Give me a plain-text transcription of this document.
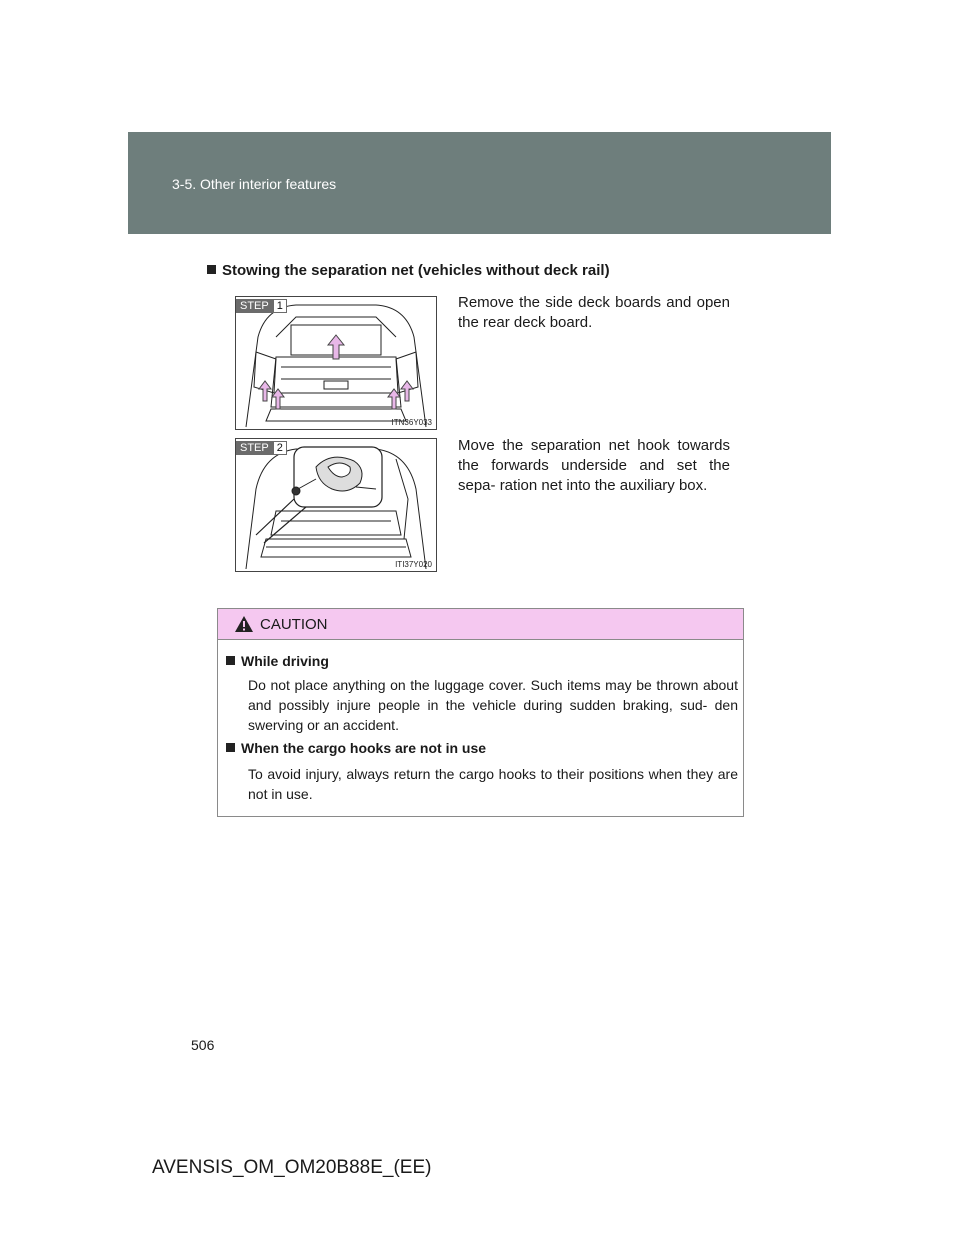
3-5. Other interior features
Stowing the separation net (vehicles without deck rail)
STEP 1
ITN36Y033
Remove the side deck boards and open the rear deck board.
STEP 2
ITI37Y020
Move the separation net hook towards the forwards underside and set the sepa- ration net into the auxiliary box.
CAUTION
While driving
Do not place anything on the luggage cover. Such items may be thrown about and possibly injure people in the vehicle during sudden braking, sud- den swerving or an accident.
When the cargo hooks are not in use
To avoid injury, always return the cargo hooks to their positions when they are not in use.
506
AVENSIS_OM_OM20B88E_(EE)
